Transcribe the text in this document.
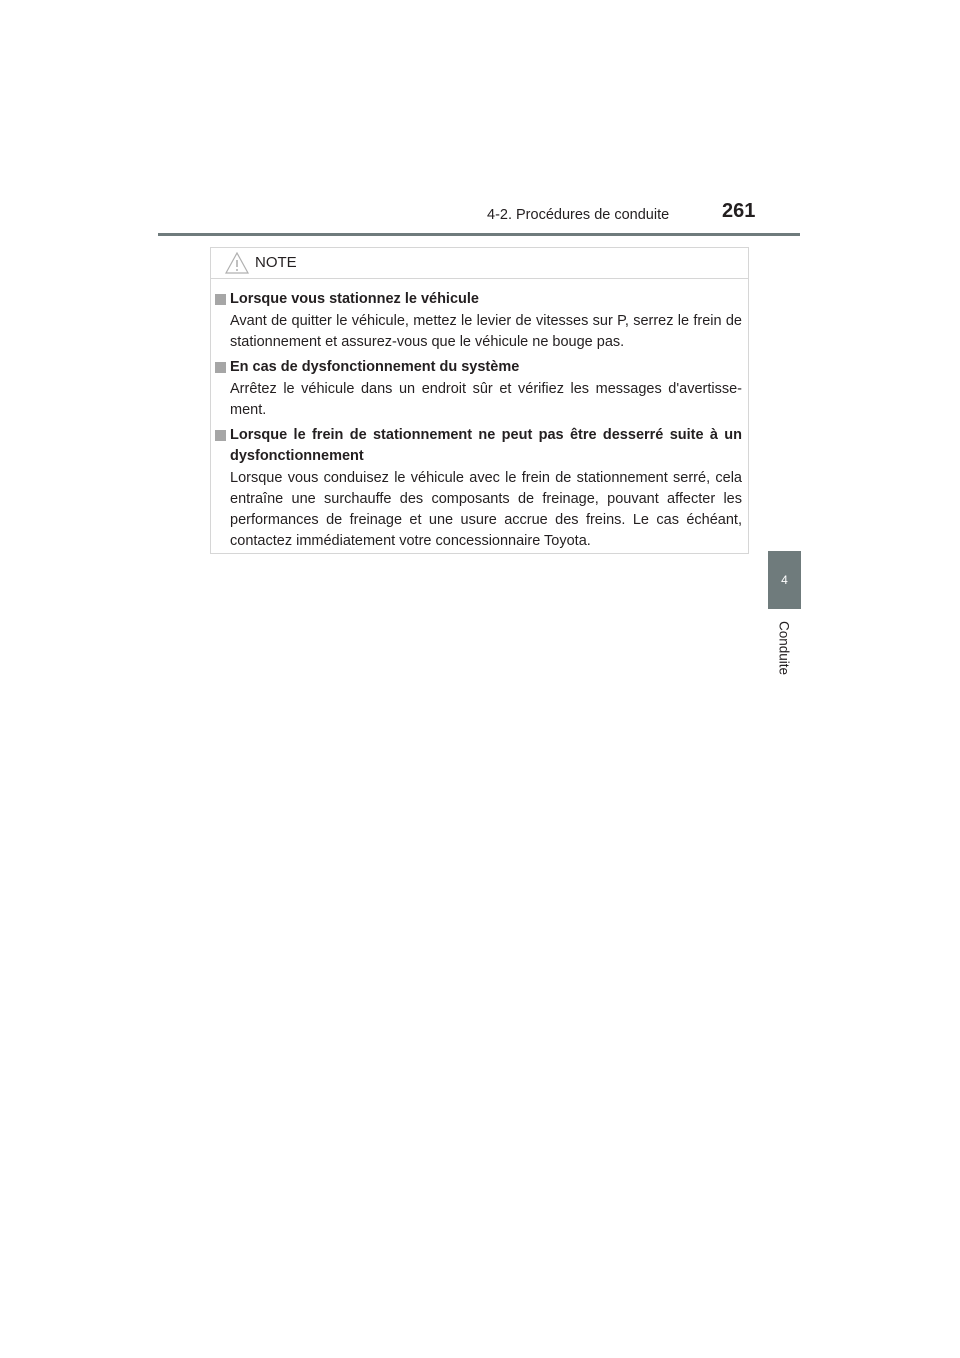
4-2. Procédures de conduite	261
4
Conduite
NOTE
Lorsque vous stationnez le véhicule
Avant de quitter le véhicule, mettez le levier de vitesses sur P, serrez le frein de stationnement et assurez-vous que le véhicule ne bouge pas.
En cas de dysfonctionnement du système
Arrêtez le véhicule dans un endroit sûr et vérifiez les messages d'avertisse-ment.
Lorsque le frein de stationnement ne peut pas être desserré suite à un dysfonctionnement
Lorsque vous conduisez le véhicule avec le frein de stationnement serré, cela entraîne une surchauffe des composants de freinage, pouvant affecter les performances de freinage et une usure accrue des freins. Le cas échéant, contactez immédiatement votre concessionnaire Toyota.
